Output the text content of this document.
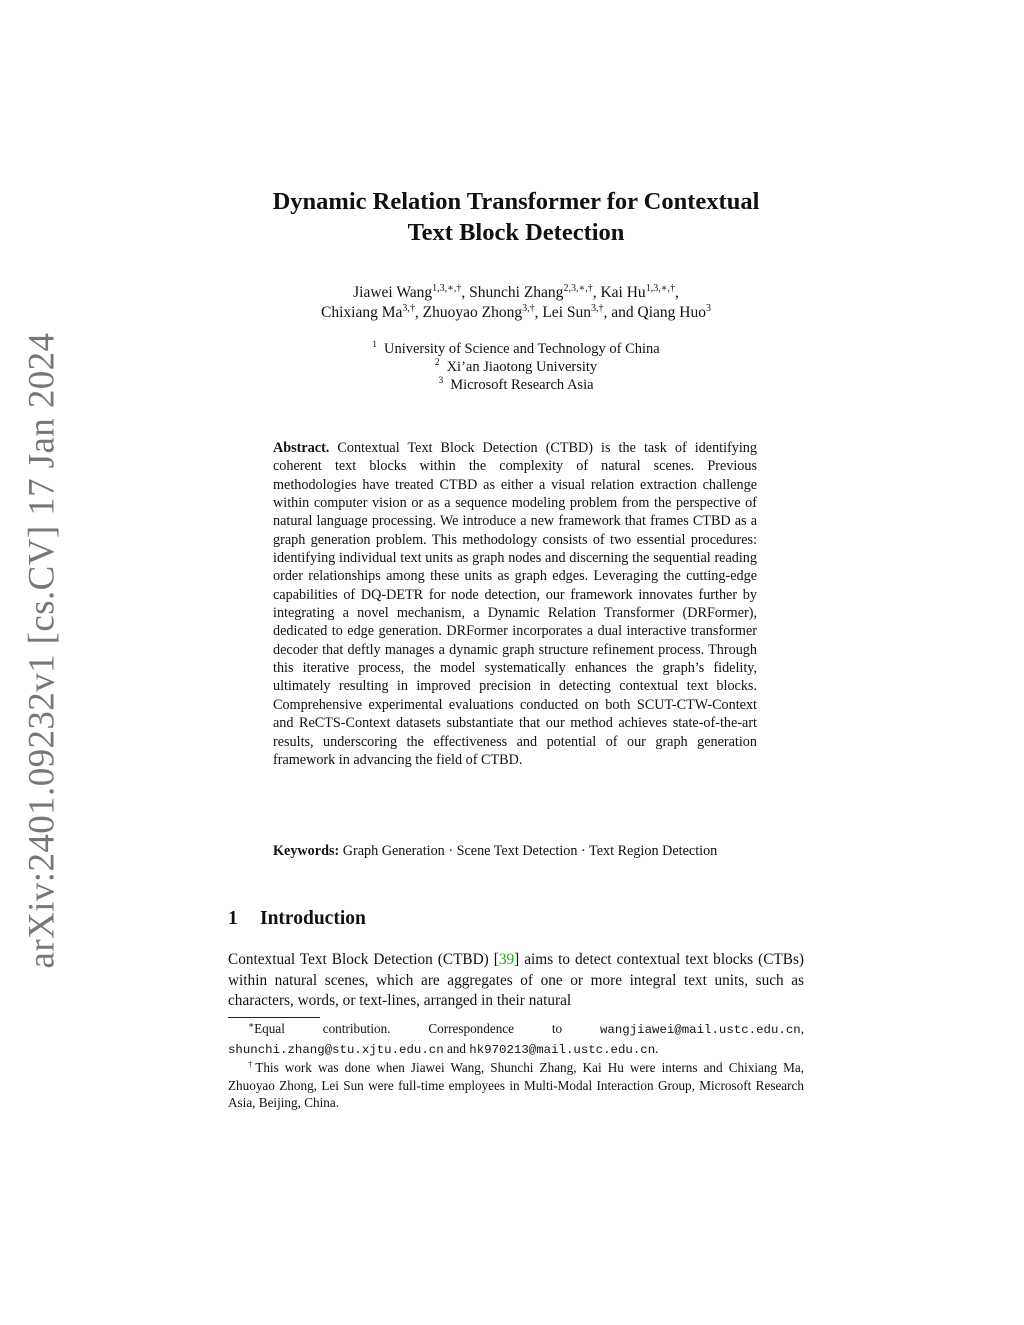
arXiv:2401.09232v1 [cs.CV] 17 Jan 2024
Dynamic Relation Transformer for Contextual
Text Block Detection
Jiawei Wang$^{1,3,∗,\dagger}$, Shunchi Zhang$^{2,3,∗,\dagger}$, Kai $Hu^{1,3,∗,\dagger}$,
Chixiang $Ma^{3,\dagger}$, Zhuoyao Zhong$^{3,\dagger}$, Lei Sun$^{3,\dagger}$, and Qiang Huo$^3$
$^1$ University of Science and Technology of China
$^2$ Xi’an Jiaotong University
$^3$ Microsoft Research Asia

Abstract. Contextual Text Block Detection (CTBD) is the task of identifying coherent text blocks within the complexity of natural scenes. Previous methodologies have treated CTBD as either a visual relation extraction challenge within computer vision or as a sequence modeling problem from the perspective of natural language processing. We introduce a new framework that frames CTBD as a graph generation problem. This methodology consists of two essential procedures: identifying individual text units as graph nodes and discerning the sequential reading order relationships among these units as graph edges. Leveraging the cutting-edge capabilities of DQ-DETR for node detection, our framework innovates further by integrating a novel mechanism, a Dynamic Relation Transformer (DRFormer), dedicated to edge generation. DRFormer incorporates a dual interactive transformer decoder that deftly manages a dynamic graph structure refinement process. Through this iterative process, the model systematically enhances the graph’s fidelity, ultimately resulting in improved precision in detecting contextual text blocks. Comprehensive experimental evaluations conducted on both SCUT-CTW-Context and ReCTS-Context datasets substantiate that our method achieves state-of-the-art results, underscoring the effectiveness and potential of our graph generation framework in advancing the field of CTBD.

Keywords: Graph Generation · Scene Text Detection · Text Region Detection

1 Introduction

Contextual Text Block Detection (CTBD) [39] aims to detect contextual text blocks (CTBs) within natural scenes, which are aggregates of one or more integral text units, such as characters, words, or text-lines, arranged in their natural

∗Equal contribution. Correspondence to	wangjiawei@mail.ustc.edu.cn, shunchi.zhang@stu.xjtu.edu.cn and hk970213@mail.ustc.edu.cn.

†This work was done when Jiawei Wang, Shunchi Zhang, Kai Hu were interns and Chixiang Ma, Zhuoyao Zhong, Lei Sun were full-time employees in Multi-Modal Interaction Group, Microsoft Research Asia, Beijing, China.
